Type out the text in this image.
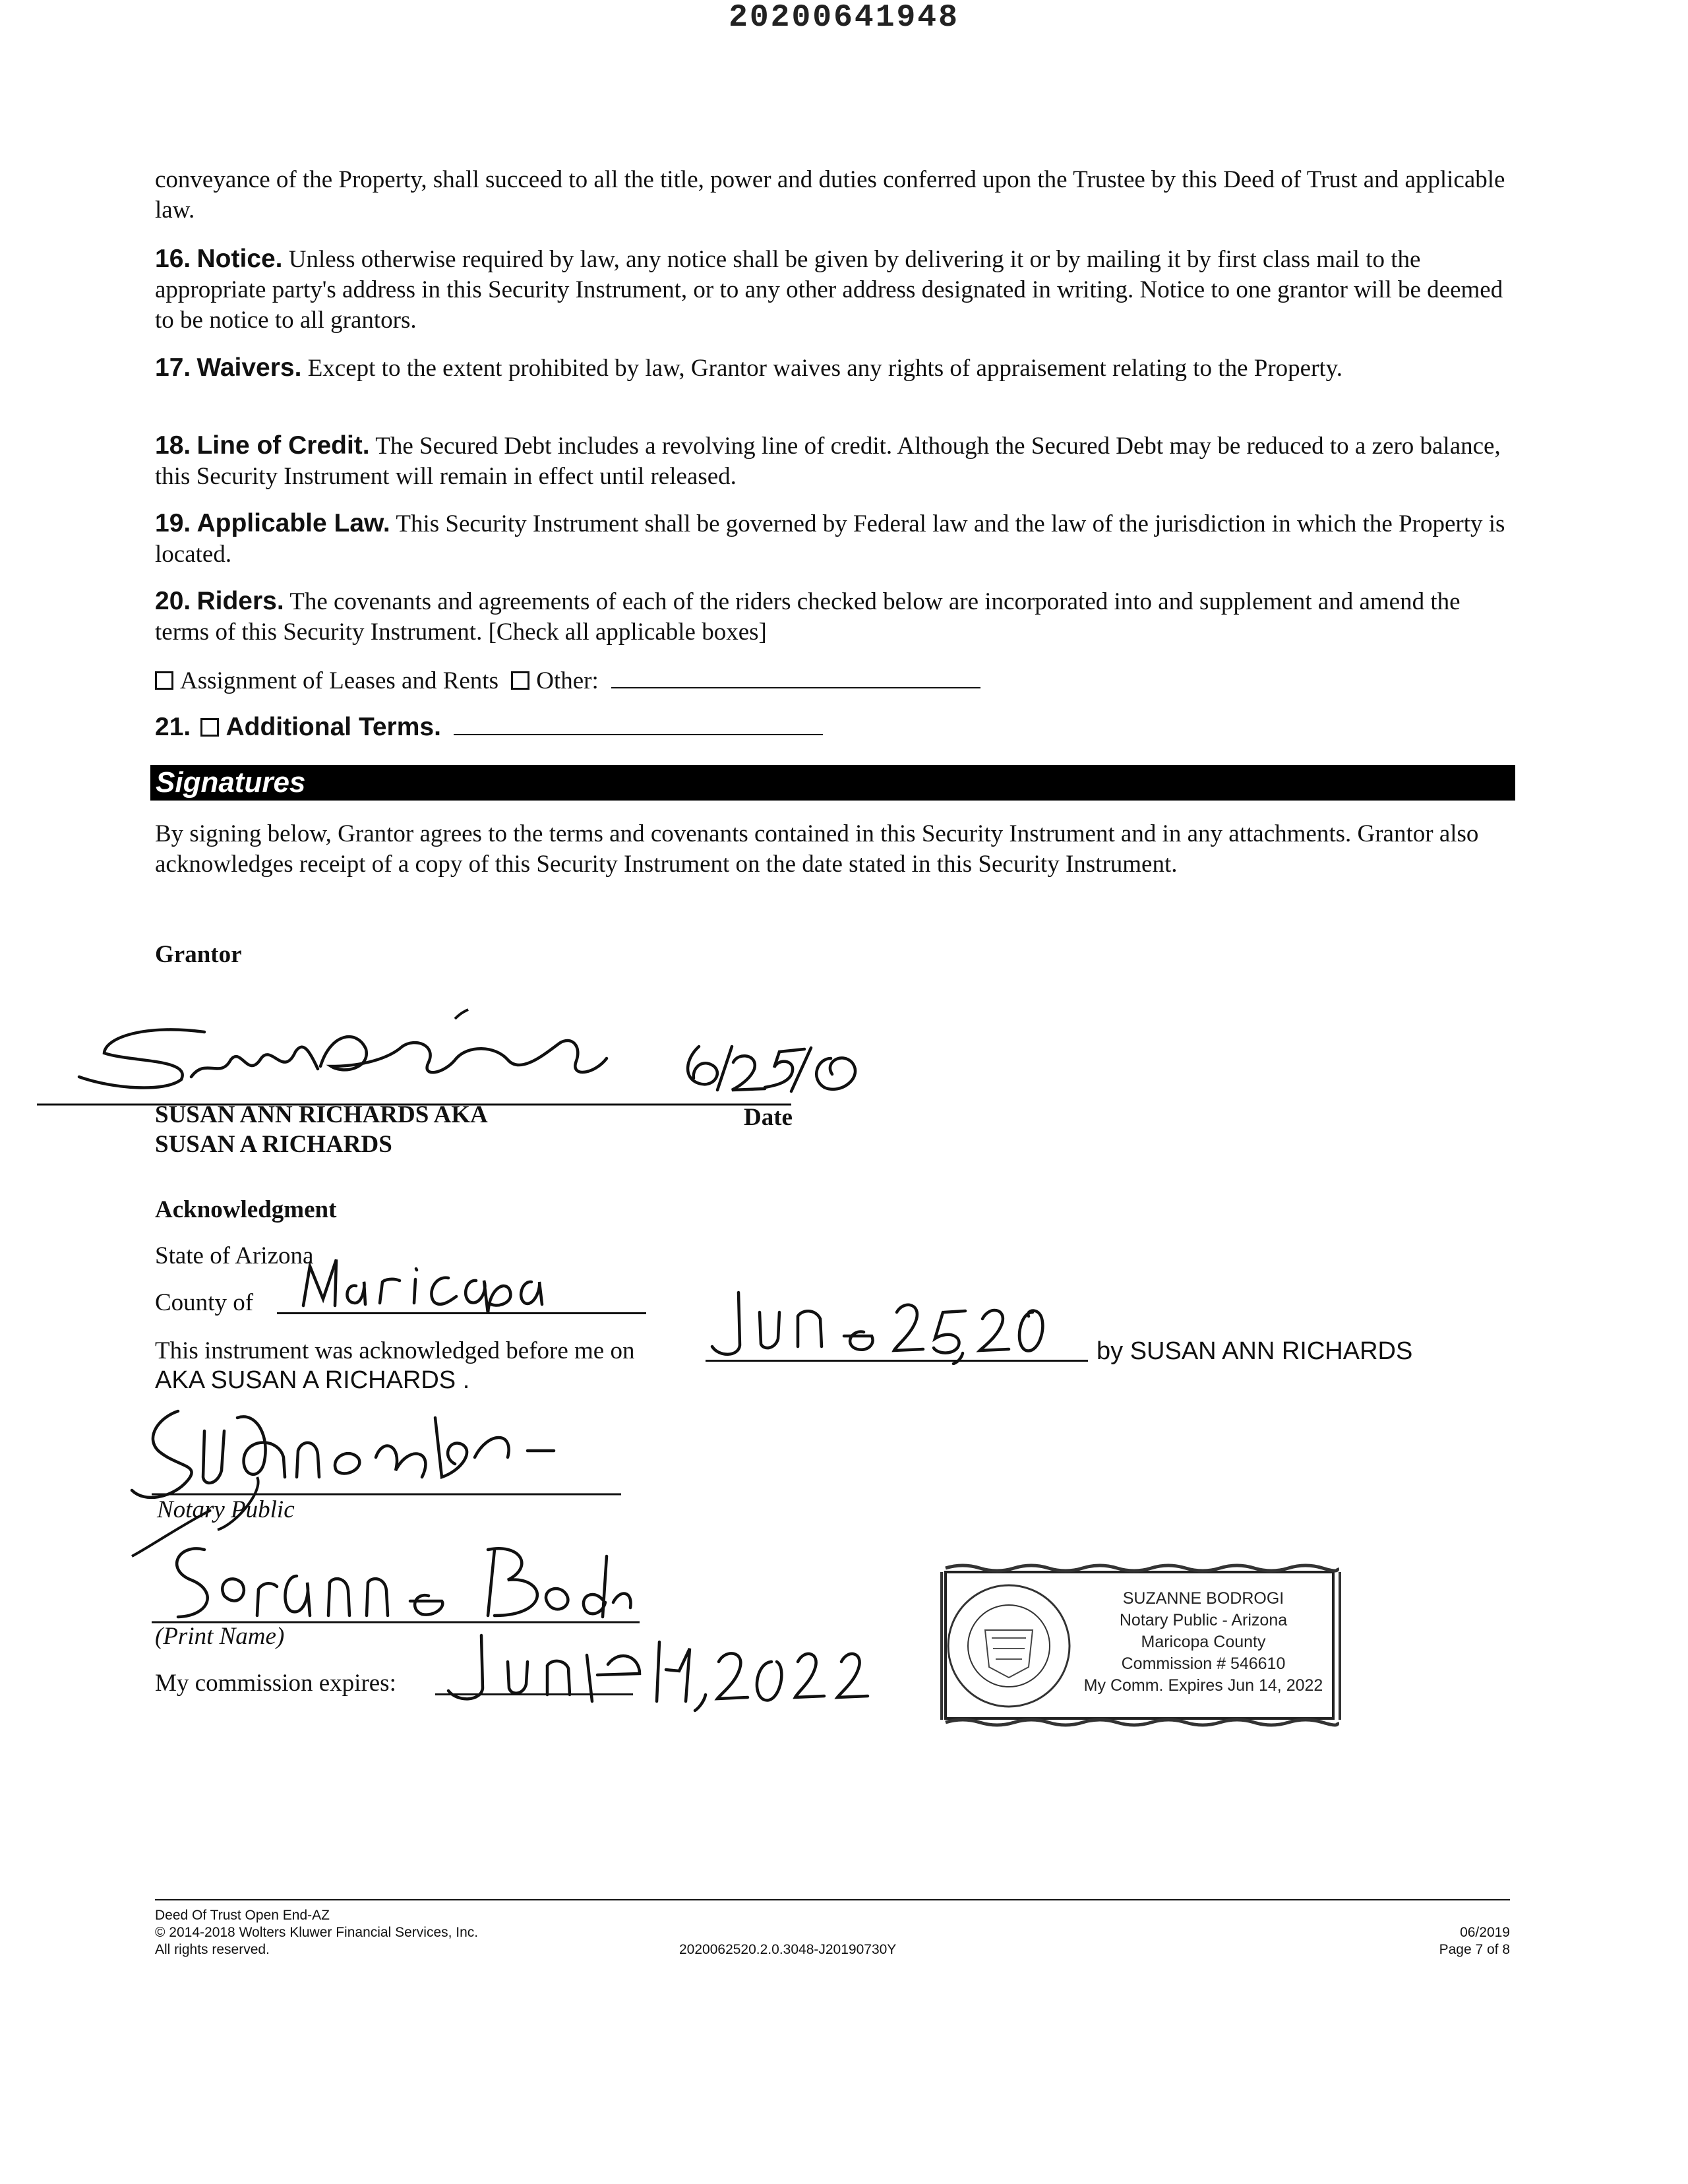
20200641948
conveyance of the Property, shall succeed to all the title, power and duties conferred upon the Trustee by this Deed of Trust and applicable law.
16. Notice. Unless otherwise required by law, any notice shall be given by delivering it or by mailing it by first class mail to the appropriate party's address in this Security Instrument, or to any other address designated in writing. Notice to one grantor will be deemed to be notice to all grantors.
17. Waivers. Except to the extent prohibited by law, Grantor waives any rights of appraisement relating to the Property.
18. Line of Credit. The Secured Debt includes a revolving line of credit. Although the Secured Debt may be reduced to a zero balance, this Security Instrument will remain in effect until released.
19. Applicable Law. This Security Instrument shall be governed by Federal law and the law of the jurisdiction in which the Property is located.
20. Riders. The covenants and agreements of each of the riders checked below are incorporated into and supplement and amend the terms of this Security Instrument. [Check all applicable boxes]
Assignment of Leases and Rents Other:
21. Additional Terms.
Signatures
By signing below, Grantor agrees to the terms and covenants contained in this Security Instrument and in any attachments. Grantor also acknowledges receipt of a copy of this Security Instrument on the date stated in this Security Instrument.
Grantor
SUSAN ANN RICHARDS AKA	Date
SUSAN A RICHARDS
Acknowledgment
State of Arizona
County of
This instrument was acknowledged before me on	by SUSAN ANN RICHARDS
AKA SUSAN A RICHARDS .
Notary Public
(Print Name)
My commission expires:
SUZANNE BODROGI
Notary Public - Arizona
Maricopa County
Commission # 546610
My Comm. Expires Jun 14, 2022
Deed Of Trust Open End-AZ
© 2014-2018 Wolters Kluwer Financial Services, Inc.
All rights reserved.	2020062520.2.0.3048-J20190730Y
06/2019
Page 7 of 8
